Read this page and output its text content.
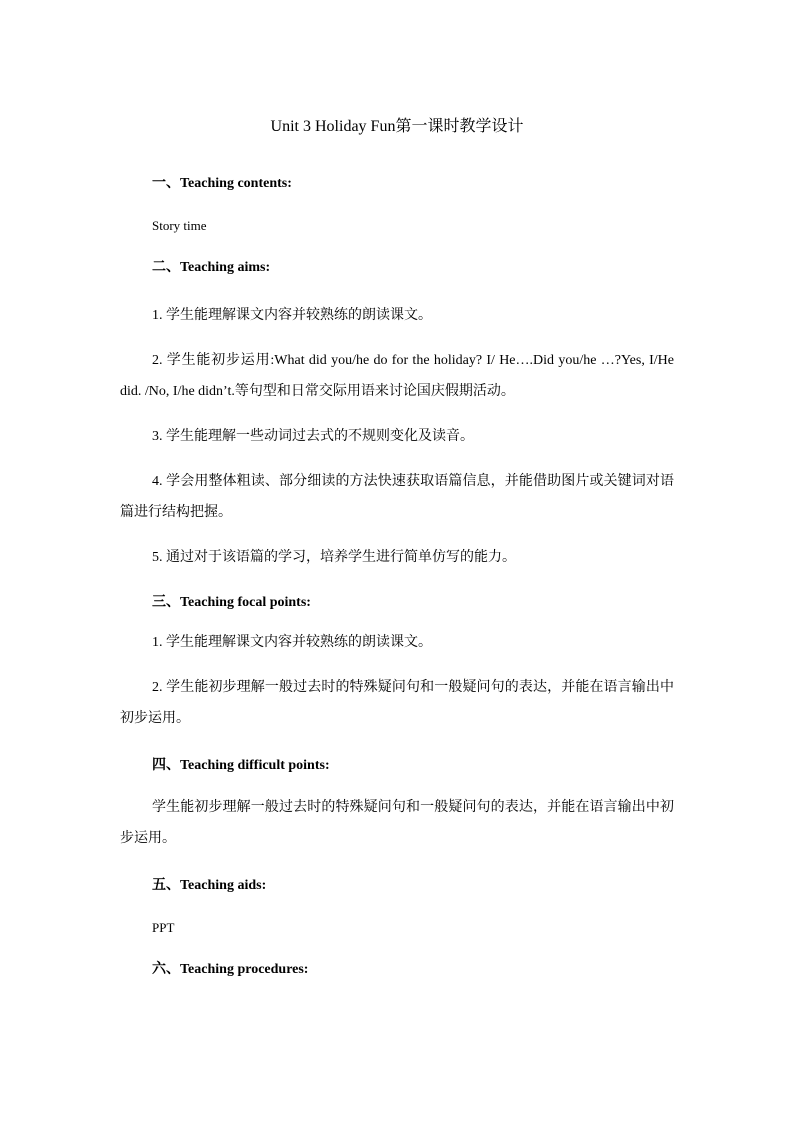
Unit 3 Holiday Fun第一课时教学设计

一、Teaching contents:

Story time

二、Teaching aims:

1. 学生能理解课文内容并较熟练的朗读课文。

2. 学生能初步运用:What did you/he do for the holiday? I/ He….Did you/he …?Yes, I/He did. /No, I/he didn’t.等句型和日常交际用语来讨论国庆假期活动。

3. 学生能理解一些动词过去式的不规则变化及读音。

4. 学会用整体粗读、部分细读的方法快速获取语篇信息，并能借助图片或关键词对语篇进行结构把握。

5. 通过对于该语篇的学习，培养学生进行简单仿写的能力。

三、Teaching focal points:

1. 学生能理解课文内容并较熟练的朗读课文。

2. 学生能初步理解一般过去时的特殊疑问句和一般疑问句的表达，并能在语言输出中初步运用。

四、Teaching difficult points:

学生能初步理解一般过去时的特殊疑问句和一般疑问句的表达，并能在语言输出中初步运用。

五、Teaching aids:

PPT

六、Teaching procedures:
